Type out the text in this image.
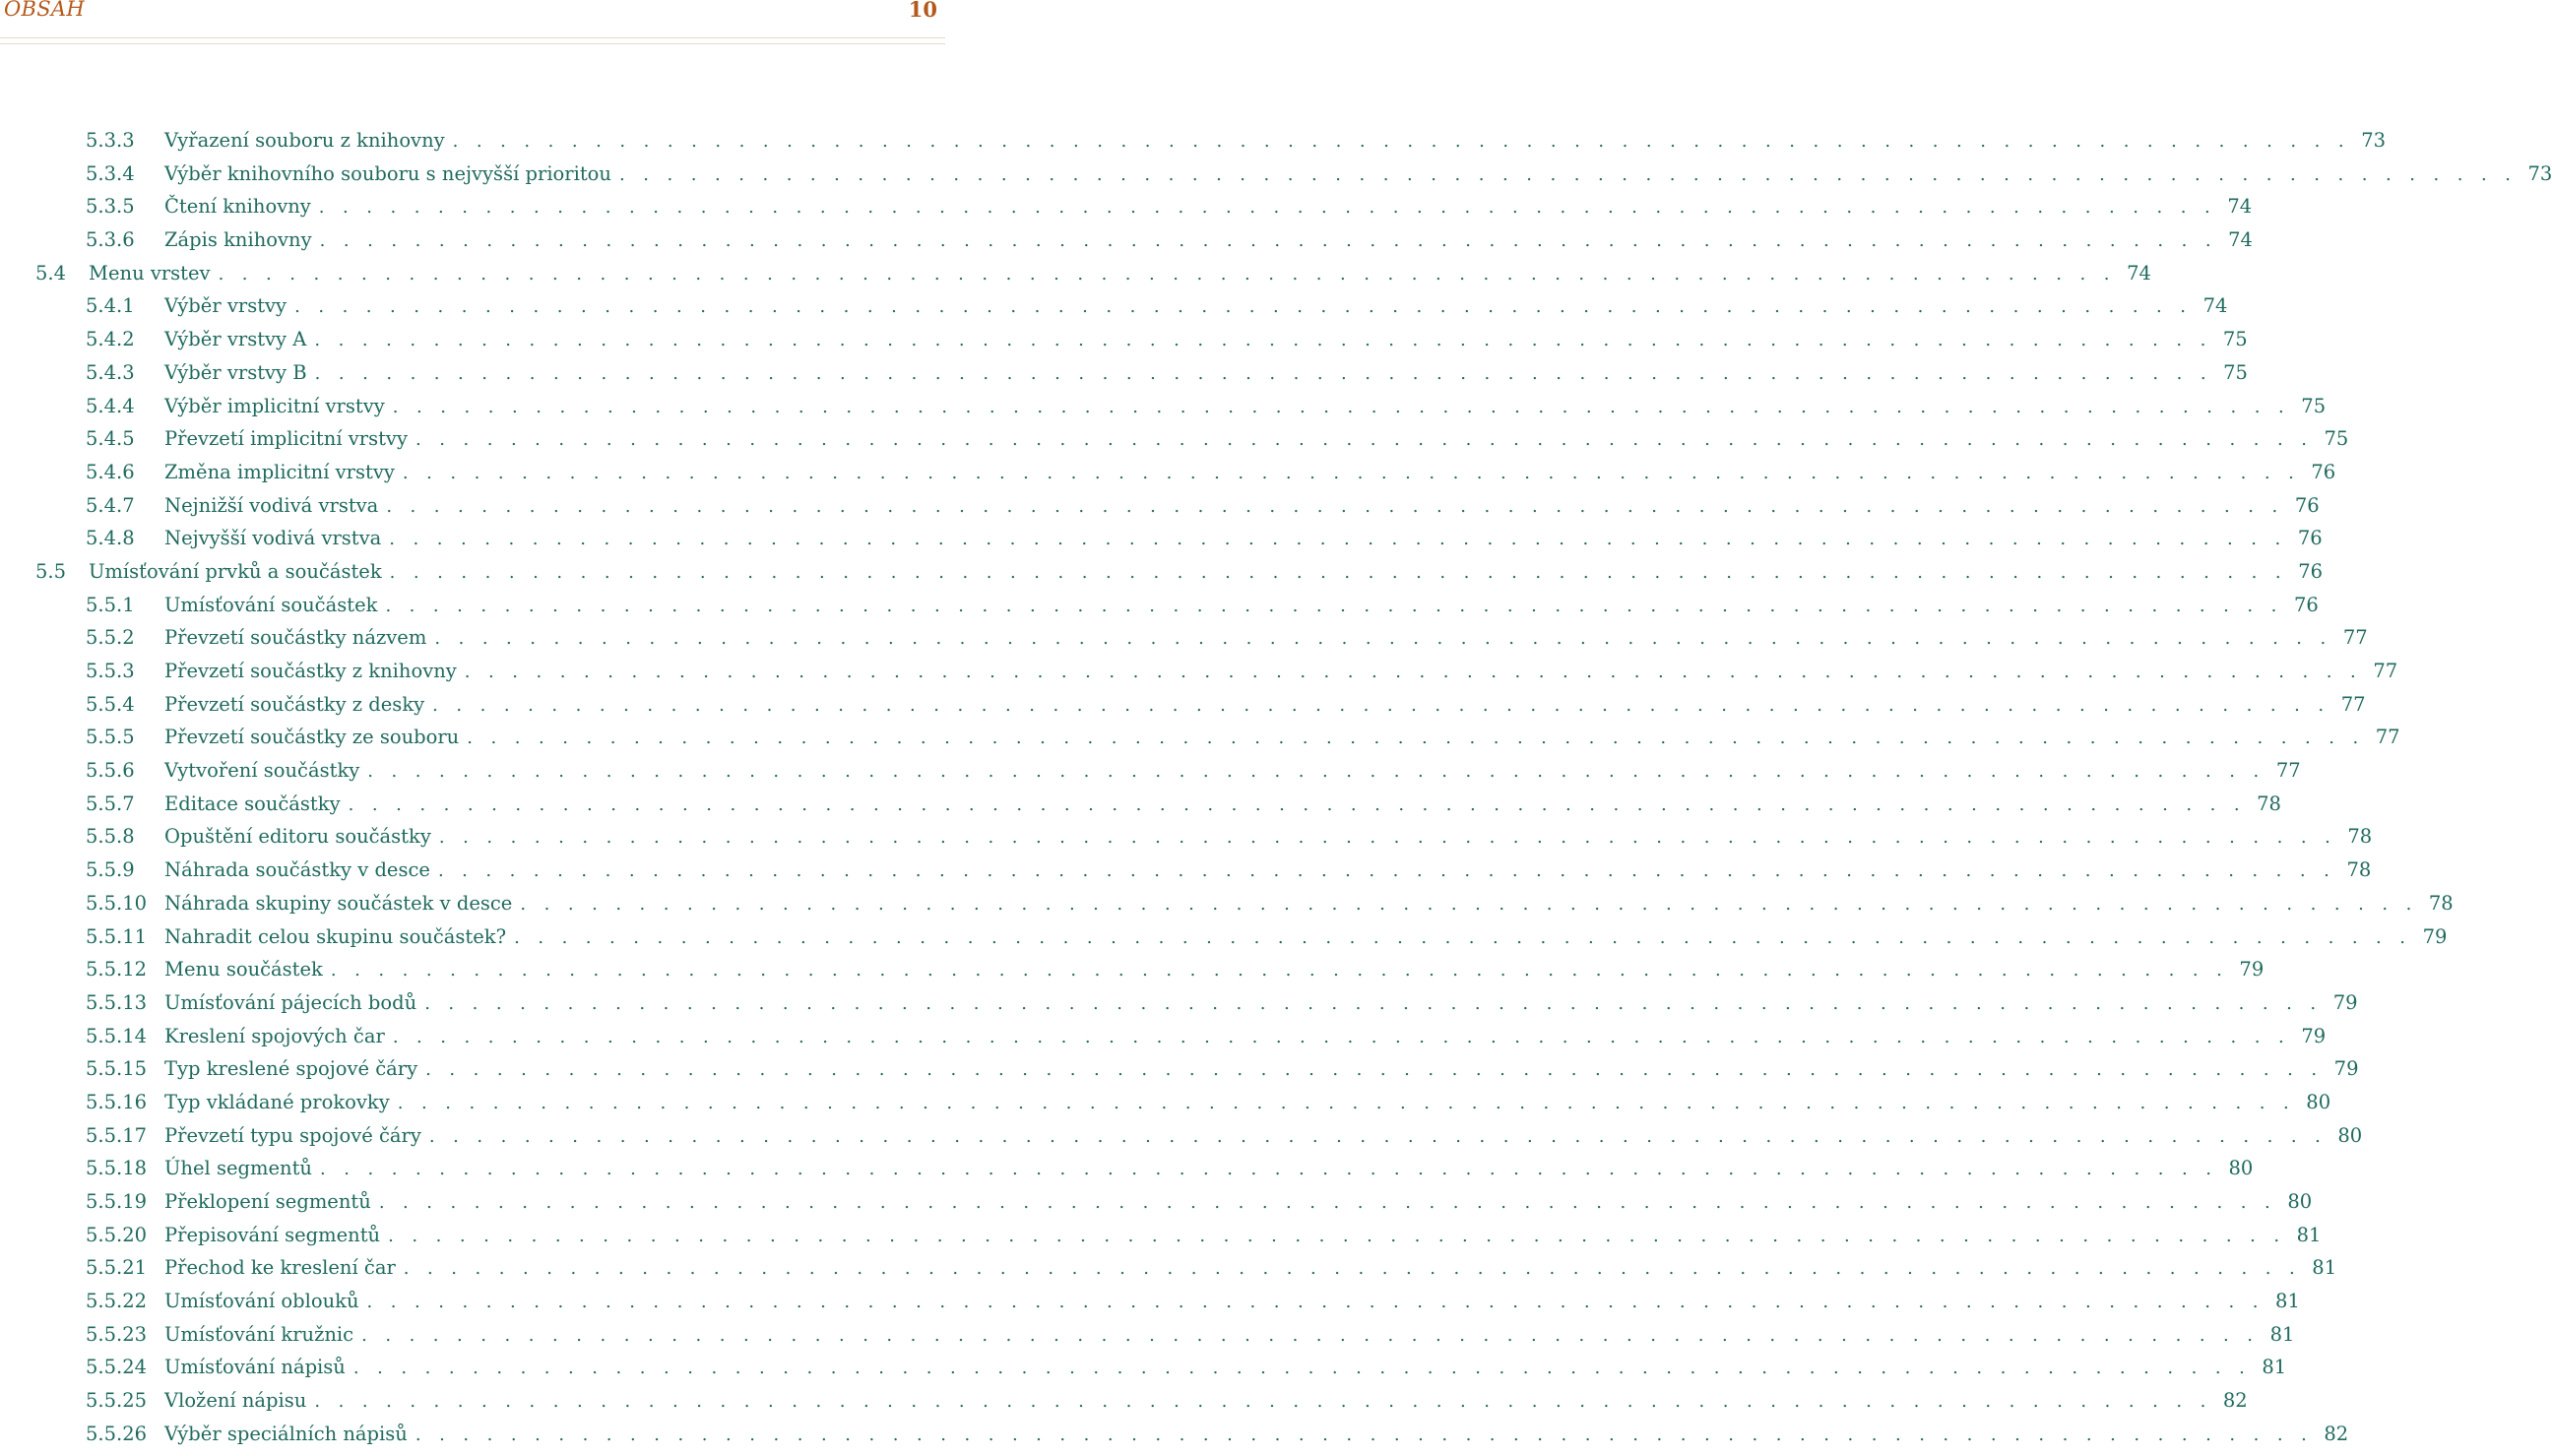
OBSAH	10
5.3.3	Vyřazení souboru z knihovny . . . . . . . . . . . . . . . . . . . . . . . . . . . . . . . . . . . . . . . . . . . . . . . . . . . . . . . . . . . . . . . . . . . . . . . . . . . . . . . . 73
5.3.4	Výběr knihovního souboru s nejvyšší prioritou . . . . . . . . . . . . . . . . . . . . . . . . . . . . . . . . . . . . . . . . . . . . . . . . . . . . . . . . . . . . . . . . . . . . . . . . . . . . . . . . 73
5.3.5	Čtení knihovny . . . . . . . . . . . . . . . . . . . . . . . . . . . . . . . . . . . . . . . . . . . . . . . . . . . . . . . . . . . . . . . . . . . . . . . . . . . . . . . . 74
5.3.6	Zápis knihovny . . . . . . . . . . . . . . . . . . . . . . . . . . . . . . . . . . . . . . . . . . . . . . . . . . . . . . . . . . . . . . . . . . . . . . . . . . . . . . . . 74
5.4	Menu vrstev . . . . . . . . . . . . . . . . . . . . . . . . . . . . . . . . . . . . . . . . . . . . . . . . . . . . . . . . . . . . . . . . . . . . . . . . . . . . . . . . 74
5.4.1	Výběr vrstvy . . . . . . . . . . . . . . . . . . . . . . . . . . . . . . . . . . . . . . . . . . . . . . . . . . . . . . . . . . . . . . . . . . . . . . . . . . . . . . . . 74
5.4.2	Výběr vrstvy A . . . . . . . . . . . . . . . . . . . . . . . . . . . . . . . . . . . . . . . . . . . . . . . . . . . . . . . . . . . . . . . . . . . . . . . . . . . . . . . . 75
5.4.3	Výběr vrstvy B . . . . . . . . . . . . . . . . . . . . . . . . . . . . . . . . . . . . . . . . . . . . . . . . . . . . . . . . . . . . . . . . . . . . . . . . . . . . . . . . 75
5.4.4	Výběr implicitní vrstvy . . . . . . . . . . . . . . . . . . . . . . . . . . . . . . . . . . . . . . . . . . . . . . . . . . . . . . . . . . . . . . . . . . . . . . . . . . . . . . . . 75
5.4.5	Převzetí implicitní vrstvy . . . . . . . . . . . . . . . . . . . . . . . . . . . . . . . . . . . . . . . . . . . . . . . . . . . . . . . . . . . . . . . . . . . . . . . . . . . . . . . . 75
5.4.6	Změna implicitní vrstvy . . . . . . . . . . . . . . . . . . . . . . . . . . . . . . . . . . . . . . . . . . . . . . . . . . . . . . . . . . . . . . . . . . . . . . . . . . . . . . . . 76
5.4.7	Nejnižší vodivá vrstva . . . . . . . . . . . . . . . . . . . . . . . . . . . . . . . . . . . . . . . . . . . . . . . . . . . . . . . . . . . . . . . . . . . . . . . . . . . . . . . . 76
5.4.8	Nejvyšší vodivá vrstva . . . . . . . . . . . . . . . . . . . . . . . . . . . . . . . . . . . . . . . . . . . . . . . . . . . . . . . . . . . . . . . . . . . . . . . . . . . . . . . . 76
5.5	Umísťování prvků a součástek . . . . . . . . . . . . . . . . . . . . . . . . . . . . . . . . . . . . . . . . . . . . . . . . . . . . . . . . . . . . . . . . . . . . . . . . . . . . . . . . 76
5.5.1	Umísťování součástek . . . . . . . . . . . . . . . . . . . . . . . . . . . . . . . . . . . . . . . . . . . . . . . . . . . . . . . . . . . . . . . . . . . . . . . . . . . . . . . . 76
5.5.2	Převzetí součástky názvem . . . . . . . . . . . . . . . . . . . . . . . . . . . . . . . . . . . . . . . . . . . . . . . . . . . . . . . . . . . . . . . . . . . . . . . . . . . . . . . . 77
5.5.3	Převzetí součástky z knihovny . . . . . . . . . . . . . . . . . . . . . . . . . . . . . . . . . . . . . . . . . . . . . . . . . . . . . . . . . . . . . . . . . . . . . . . . . . . . . . . . 77
5.5.4	Převzetí součástky z desky . . . . . . . . . . . . . . . . . . . . . . . . . . . . . . . . . . . . . . . . . . . . . . . . . . . . . . . . . . . . . . . . . . . . . . . . . . . . . . . . 77
5.5.5	Převzetí součástky ze souboru . . . . . . . . . . . . . . . . . . . . . . . . . . . . . . . . . . . . . . . . . . . . . . . . . . . . . . . . . . . . . . . . . . . . . . . . . . . . . . . . 77
5.5.6	Vytvoření součástky . . . . . . . . . . . . . . . . . . . . . . . . . . . . . . . . . . . . . . . . . . . . . . . . . . . . . . . . . . . . . . . . . . . . . . . . . . . . . . . . 77
5.5.7	Editace součástky . . . . . . . . . . . . . . . . . . . . . . . . . . . . . . . . . . . . . . . . . . . . . . . . . . . . . . . . . . . . . . . . . . . . . . . . . . . . . . . . 78
5.5.8	Opuštění editoru součástky . . . . . . . . . . . . . . . . . . . . . . . . . . . . . . . . . . . . . . . . . . . . . . . . . . . . . . . . . . . . . . . . . . . . . . . . . . . . . . . . 78
5.5.9	Náhrada součástky v desce . . . . . . . . . . . . . . . . . . . . . . . . . . . . . . . . . . . . . . . . . . . . . . . . . . . . . . . . . . . . . . . . . . . . . . . . . . . . . . . . 78
5.5.10 Náhrada skupiny součástek v desce . . . . . . . . . . . . . . . . . . . . . . . . . . . . . . . . . . . . . . . . . . . . . . . . . . . . . . . . . . . . . . . . . . . . . . . . . . . . . . . . 78
5.5.11 Nahradit celou skupinu součástek? . . . . . . . . . . . . . . . . . . . . . . . . . . . . . . . . . . . . . . . . . . . . . . . . . . . . . . . . . . . . . . . . . . . . . . . . . . . . . . . . 79
5.5.12 Menu součástek . . . . . . . . . . . . . . . . . . . . . . . . . . . . . . . . . . . . . . . . . . . . . . . . . . . . . . . . . . . . . . . . . . . . . . . . . . . . . . . . 79
5.5.13 Umísťování pájecích bodů . . . . . . . . . . . . . . . . . . . . . . . . . . . . . . . . . . . . . . . . . . . . . . . . . . . . . . . . . . . . . . . . . . . . . . . . . . . . . . . . 79
5.5.14 Kreslení spojových čar . . . . . . . . . . . . . . . . . . . . . . . . . . . . . . . . . . . . . . . . . . . . . . . . . . . . . . . . . . . . . . . . . . . . . . . . . . . . . . . . 79
5.5.15 Typ kreslené spojové čáry . . . . . . . . . . . . . . . . . . . . . . . . . . . . . . . . . . . . . . . . . . . . . . . . . . . . . . . . . . . . . . . . . . . . . . . . . . . . . . . . 79
5.5.16 Typ vkládané prokovky . . . . . . . . . . . . . . . . . . . . . . . . . . . . . . . . . . . . . . . . . . . . . . . . . . . . . . . . . . . . . . . . . . . . . . . . . . . . . . . . 80
5.5.17 Převzetí typu spojové čáry . . . . . . . . . . . . . . . . . . . . . . . . . . . . . . . . . . . . . . . . . . . . . . . . . . . . . . . . . . . . . . . . . . . . . . . . . . . . . . . . 80
5.5.18 Úhel segmentů . . . . . . . . . . . . . . . . . . . . . . . . . . . . . . . . . . . . . . . . . . . . . . . . . . . . . . . . . . . . . . . . . . . . . . . . . . . . . . . . 80
5.5.19 Překlopení segmentů . . . . . . . . . . . . . . . . . . . . . . . . . . . . . . . . . . . . . . . . . . . . . . . . . . . . . . . . . . . . . . . . . . . . . . . . . . . . . . . . 80
5.5.20 Přepisování segmentů . . . . . . . . . . . . . . . . . . . . . . . . . . . . . . . . . . . . . . . . . . . . . . . . . . . . . . . . . . . . . . . . . . . . . . . . . . . . . . . . 81
5.5.21 Přechod ke kreslení čar . . . . . . . . . . . . . . . . . . . . . . . . . . . . . . . . . . . . . . . . . . . . . . . . . . . . . . . . . . . . . . . . . . . . . . . . . . . . . . . . 81
5.5.22 Umísťování oblouků . . . . . . . . . . . . . . . . . . . . . . . . . . . . . . . . . . . . . . . . . . . . . . . . . . . . . . . . . . . . . . . . . . . . . . . . . . . . . . . . 81
5.5.23 Umísťování kružnic . . . . . . . . . . . . . . . . . . . . . . . . . . . . . . . . . . . . . . . . . . . . . . . . . . . . . . . . . . . . . . . . . . . . . . . . . . . . . . . . 81
5.5.24 Umísťování nápisů . . . . . . . . . . . . . . . . . . . . . . . . . . . . . . . . . . . . . . . . . . . . . . . . . . . . . . . . . . . . . . . . . . . . . . . . . . . . . . . . 81
5.5.25 Vložení nápisu . . . . . . . . . . . . . . . . . . . . . . . . . . . . . . . . . . . . . . . . . . . . . . . . . . . . . . . . . . . . . . . . . . . . . . . . . . . . . . . . 82
5.5.26 Výběr speciálních nápisů . . . . . . . . . . . . . . . . . . . . . . . . . . . . . . . . . . . . . . . . . . . . . . . . . . . . . . . . . . . . . . . . . . . . . . . . . . . . . . . . 82
